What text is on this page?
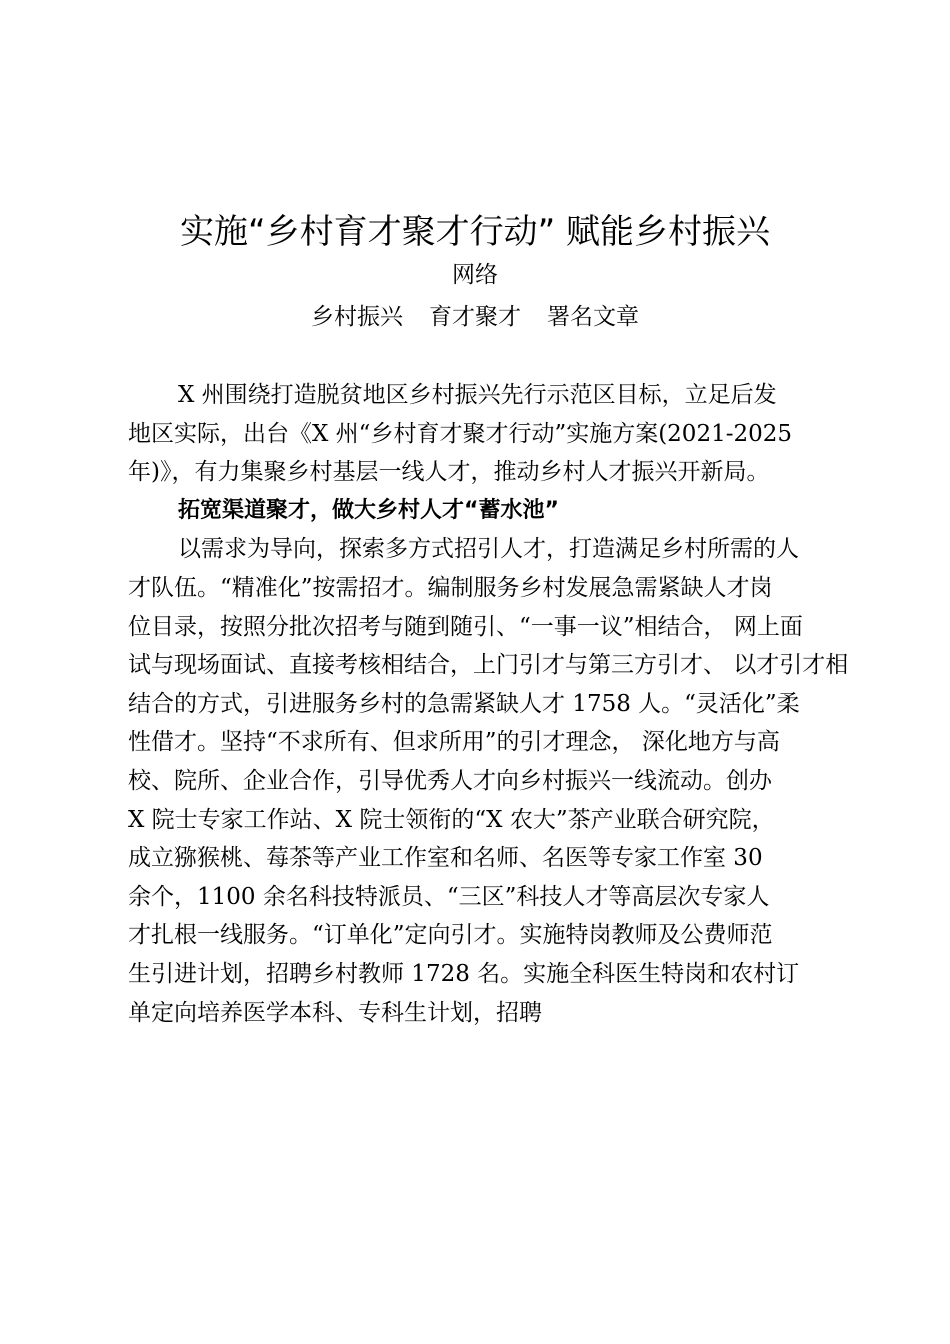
实施“乡村育才聚才行动” 赋能乡村振兴
网络
乡村振兴 育才聚才 署名文章
X 州围绕打造脱贫地区乡村振兴先行示范区目标，立足后发
地区实际，出台《X 州“乡村育才聚才行动”实施方案(2021-2025
年)》，有力集聚乡村基层一线人才，推动乡村人才振兴开新局。
拓宽渠道聚才，做大乡村人才“蓄水池”
以需求为导向，探索多方式招引人才，打造满足乡村所需的人
才队伍。“精准化”按需招才。编制服务乡村发展急需紧缺人才岗
位目录，按照分批次招考与随到随引、“一事一议”相结合， 网上面
试与现场面试、直接考核相结合，上门引才与第三方引才、 以才引才相
结合的方式，引进服务乡村的急需紧缺人才 1758 人。“灵活化”柔
性借才。坚持“不求所有、但求所用”的引才理念， 深化地方与高
校、院所、企业合作，引导优秀人才向乡村振兴一线流动。创办
X 院士专家工作站、X 院士领衔的“X 农大”茶产业联合研究院，
成立猕猴桃、莓茶等产业工作室和名师、名医等专家工作室 30
余个，1100 余名科技特派员、“三区”科技人才等高层次专家人
才扎根一线服务。“订单化”定向引才。实施特岗教师及公费师范
生引进计划，招聘乡村教师 1728 名。实施全科医生特岗和农村订
单定向培养医学本科、专科生计划，招聘
